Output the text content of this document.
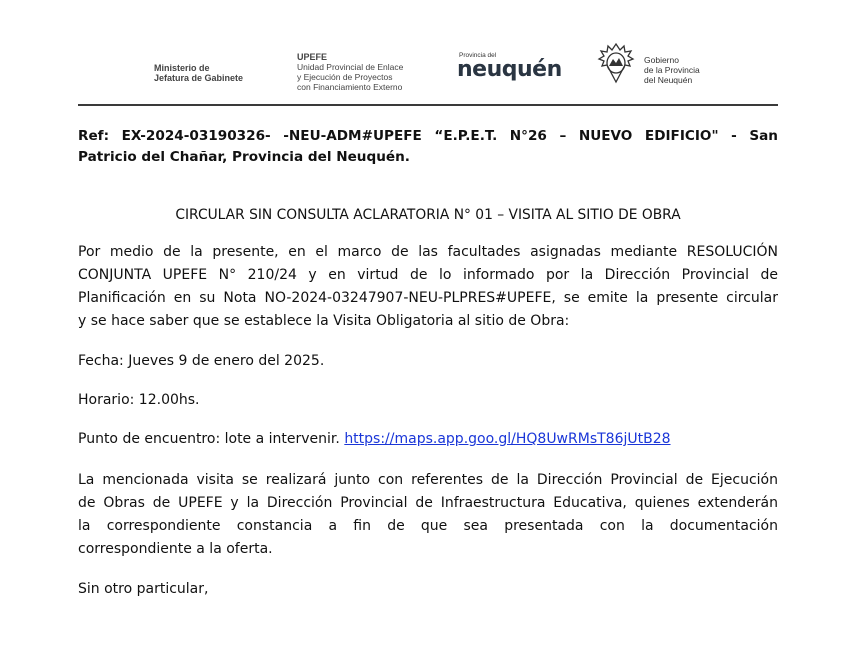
Ministerio de
Jefatura de Gabinete
UPEFE
Unidad Provincial de Enlace
y Ejecución de Proyectos
con Financiamiento Externo
Provincia del
neuquén	Gobierno
de la Provincia
del Neuquén
Ref: EX-2024-03190326- -NEU-ADM#UPEFE “E.P.E.T. N°26 – NUEVO EDIFICIO" - San
Patricio del Chañar, Provincia del Neuquén.
CIRCULAR SIN CONSULTA ACLARATORIA N° 01 – VISITA AL SITIO DE OBRA
Por medio de la presente, en el marco de las facultades asignadas mediante RESOLUCIÓN
CONJUNTA UPEFE N° 210/24 y en virtud de lo informado por la Dirección Provincial de
Planificación en su Nota NO-2024-03247907-NEU-PLPRES#UPEFE, se emite la presente circular
y se hace saber que se establece la Visita Obligatoria al sitio de Obra:
Fecha: Jueves 9 de enero del 2025.
Horario: 12.00hs.
Punto de encuentro: lote a intervenir. https://maps.app.goo.gl/HQ8UwRMsT86jUtB28
La mencionada visita se realizará junto con referentes de la Dirección Provincial de Ejecución
de Obras de UPEFE y la Dirección Provincial de Infraestructura Educativa, quienes extenderán
la correspondiente constancia a fin de que sea presentada con la documentación
correspondiente a la oferta.
Sin otro particular,
